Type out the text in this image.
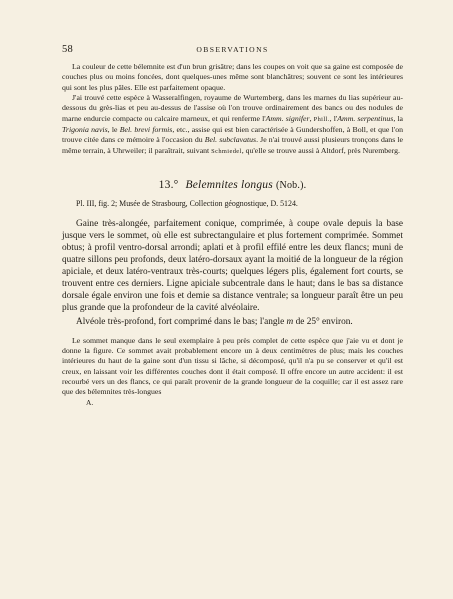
58	OBSERVATIONS

La couleur de cette bélemnite est d'un brun grisâtre; dans les coupes on voit que sa gaine est composée de couches plus ou moins foncées, dont quelques-unes même sont blanchâtres; souvent ce sont les intérieures qui sont les plus pâles. Elle est parfaitement opaque.

J'ai trouvé cette espèce à Wasseralfingen, royaume de Wurtemberg, dans les marnes du lias supérieur au-dessous du grès-lias et peu au-dessus de l'assise où l'on trouve ordinairement des bancs ou des nodules de marne endurcie compacte ou calcaire marneux, et qui renferme l'Amm. signifer, Phill., l'Amm. serpentinus, la Trigonia navis, le Bel. brevi formis, etc., assise qui est bien caractérisée à Gundershoffen, à Boll, et que l'on trouve citée dans ce mémoire à l'occasion du Bel. subclavatus. Je n'ai trouvé aussi plusieurs tronçons dans le même terrain, à Uhrweiler; il paraîtrait, suivant Schmiedel, qu'elle se trouve aussi à Altdorf, près Nuremberg.

13.° Belemnites longus (Nob.).

Pl. III, fig. 2; Musée de Strasbourg, Collection géognostique, D. 5124.

Gaine très-alongée, parfaitement conique, comprimée, à coupe ovale depuis la base jusque vers le sommet, où elle est subrectangulaire et plus fortement comprimée. Sommet obtus; à profil ventro-dorsal arrondi; aplati et à profil effilé entre les deux flancs; muni de quatre sillons peu profonds, deux latéro-dorsaux ayant la moitié de la longueur de la région apiciale, et deux latéro-ventraux très-courts; quelques légers plis, également fort courts, se trouvent entre ces derniers. Ligne apiciale subcentrale dans le haut; dans le bas sa distance dorsale égale environ une fois et demie sa distance ventrale; sa longueur paraît être un peu plus grande que la profondeur de la cavité alvéolaire.

Alvéole très-profond, fort comprimé dans le bas; l'angle m de 25° environ.

Le sommet manque dans le seul exemplaire à peu près complet de cette espèce que j'aie vu et dont je donne la figure. Ce sommet avait probablement encore un à deux centimètres de plus; mais les couches intérieures du haut de la gaine sont d'un tissu si lâche, si décomposé, qu'il n'a pu se conserver et qu'il est creux, en laissant voir les différentes couches dont il était composé. Il offre encore un autre accident: il est recourbé vers un des flancs, ce qui paraît provenir de la grande longueur de la coquille; car il est assez rare que des bélemnites très-longues

A.
